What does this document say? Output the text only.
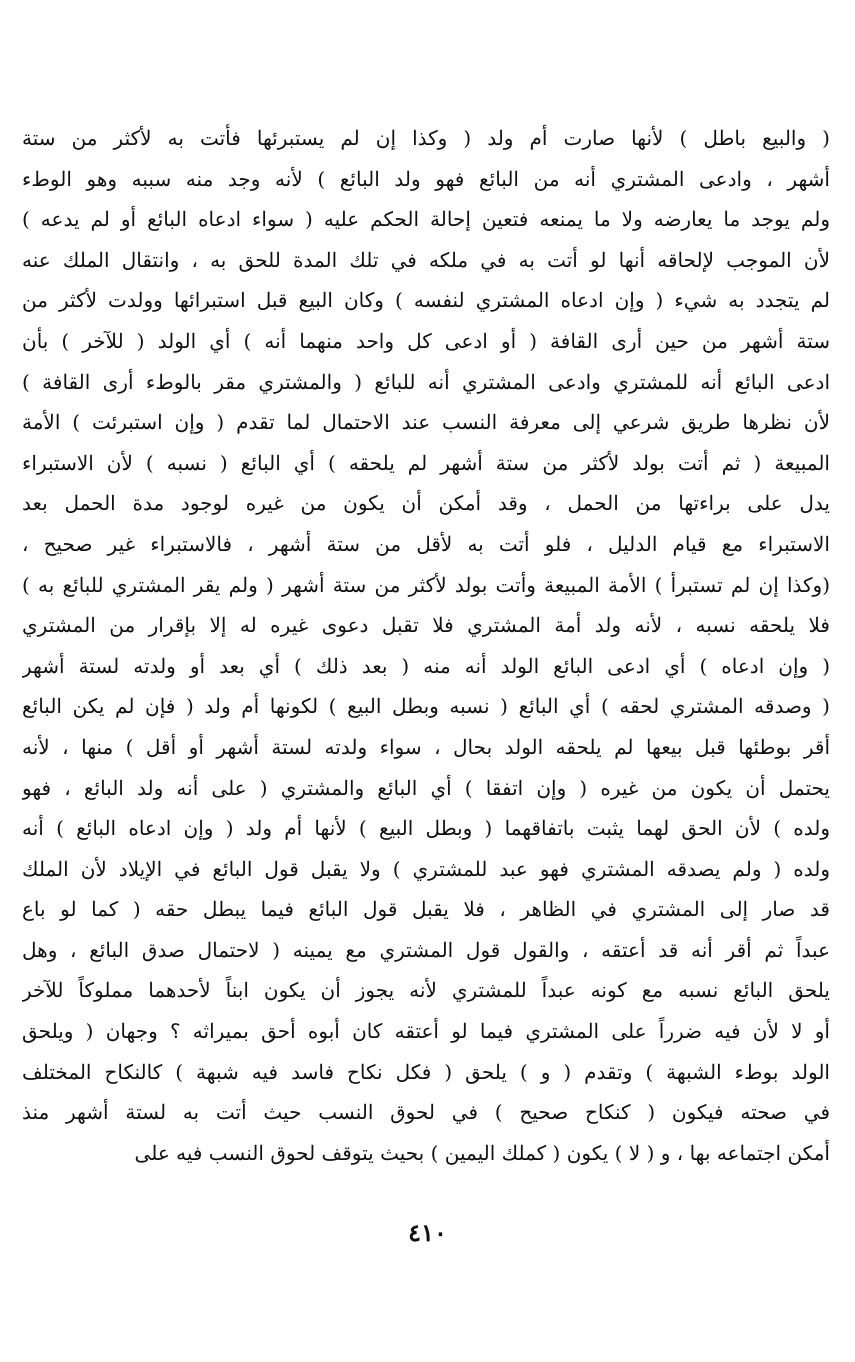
( والبيع باطل ) لأنها صارت أم ولد ( وكذا إن لم يستبرئها فأتت به لأكثر من ستة
أشهر ، وادعى المشتري أنه من البائع فهو ولد البائع ) لأنه وجد منه سببه وهو الوطء
ولم يوجد ما يعارضه ولا ما يمنعه فتعين إحالة الحكم عليه ( سواء ادعاه البائع أو لم يدعه )
لأن الموجب لإلحاقه أنها لو أتت به في ملكه في تلك المدة للحق به ، وانتقال الملك عنه
لم يتجدد به شيء ( وإن ادعاه المشتري لنفسه ) وكان البيع قبل استبرائها وولدت لأكثر من
ستة أشهر من حين أرى القافة ( أو ادعى كل واحد منهما أنه ) أي الولد ( للآخر ) بأن
ادعى البائع أنه للمشتري وادعى المشتري أنه للبائع ( والمشتري مقر بالوطء أرى القافة )
لأن نظرها طريق شرعي إلى معرفة النسب عند الاحتمال لما تقدم ( وإن استبرئت ) الأمة
المبيعة ( ثم أتت بولد لأكثر من ستة أشهر لم يلحقه ) أي البائع ( نسبه ) لأن الاستبراء
يدل على براءتها من الحمل ، وقد أمكن أن يكون من غيره لوجود مدة الحمل بعد
الاستبراء مع قيام الدليل ، فلو أتت به لأقل من ستة أشهر ، فالاستبراء غير صحيح ،
(وكذا إن لم تستبرأ ) الأمة المبيعة وأتت بولد لأكثر من ستة أشهر ( ولم يقر المشتري للبائع به )
فلا يلحقه نسبه ، لأنه ولد أمة المشتري فلا تقبل دعوى غيره له إلا بإقرار من المشتري
( وإن ادعاه ) أي ادعى البائع الولد أنه منه ( بعد ذلك ) أي بعد أو ولدته لستة أشهر
( وصدقه المشتري لحقه ) أي البائع ( نسبه وبطل البيع ) لكونها أم ولد ( فإن لم يكن البائع
أقر بوطئها قبل بيعها لم يلحقه الولد بحال ، سواء ولدته لستة أشهر أو أقل ) منها ، لأنه
يحتمل أن يكون من غيره ( وإن اتفقا ) أي البائع والمشتري ( على أنه ولد البائع ، فهو
ولده ) لأن الحق لهما يثبت باتفاقهما ( وبطل البيع ) لأنها أم ولد ( وإن ادعاه البائع ) أنه
ولده ( ولم يصدقه المشتري فهو عبد للمشتري ) ولا يقبل قول البائع في الإيلاد لأن الملك
قد صار إلى المشتري في الظاهر ، فلا يقبل قول البائع فيما يبطل حقه ( كما لو باع
عبداً ثم أقر أنه قد أعتقه ، والقول قول المشتري مع يمينه ( لاحتمال صدق البائع ، وهل
يلحق البائع نسبه مع كونه عبداً للمشتري لأنه يجوز أن يكون ابناً لأحدهما مملوكاً للآخر
أو لا لأن فيه ضرراً على المشتري فيما لو أعتقه كان أبوه أحق بميراثه ؟ وجهان ( ويلحق
الولد بوطء الشبهة ) وتقدم ( و ) يلحق ( فكل نكاح فاسد فيه شبهة ) كالنكاح المختلف
في صحته فيكون ( كنكاح صحيح ) في لحوق النسب حيث أتت به لستة أشهر منذ
أمكن اجتماعه بها ، و ( لا ) يكون ( كملك اليمين ) بحيث يتوقف لحوق النسب فيه على
٤١٠
